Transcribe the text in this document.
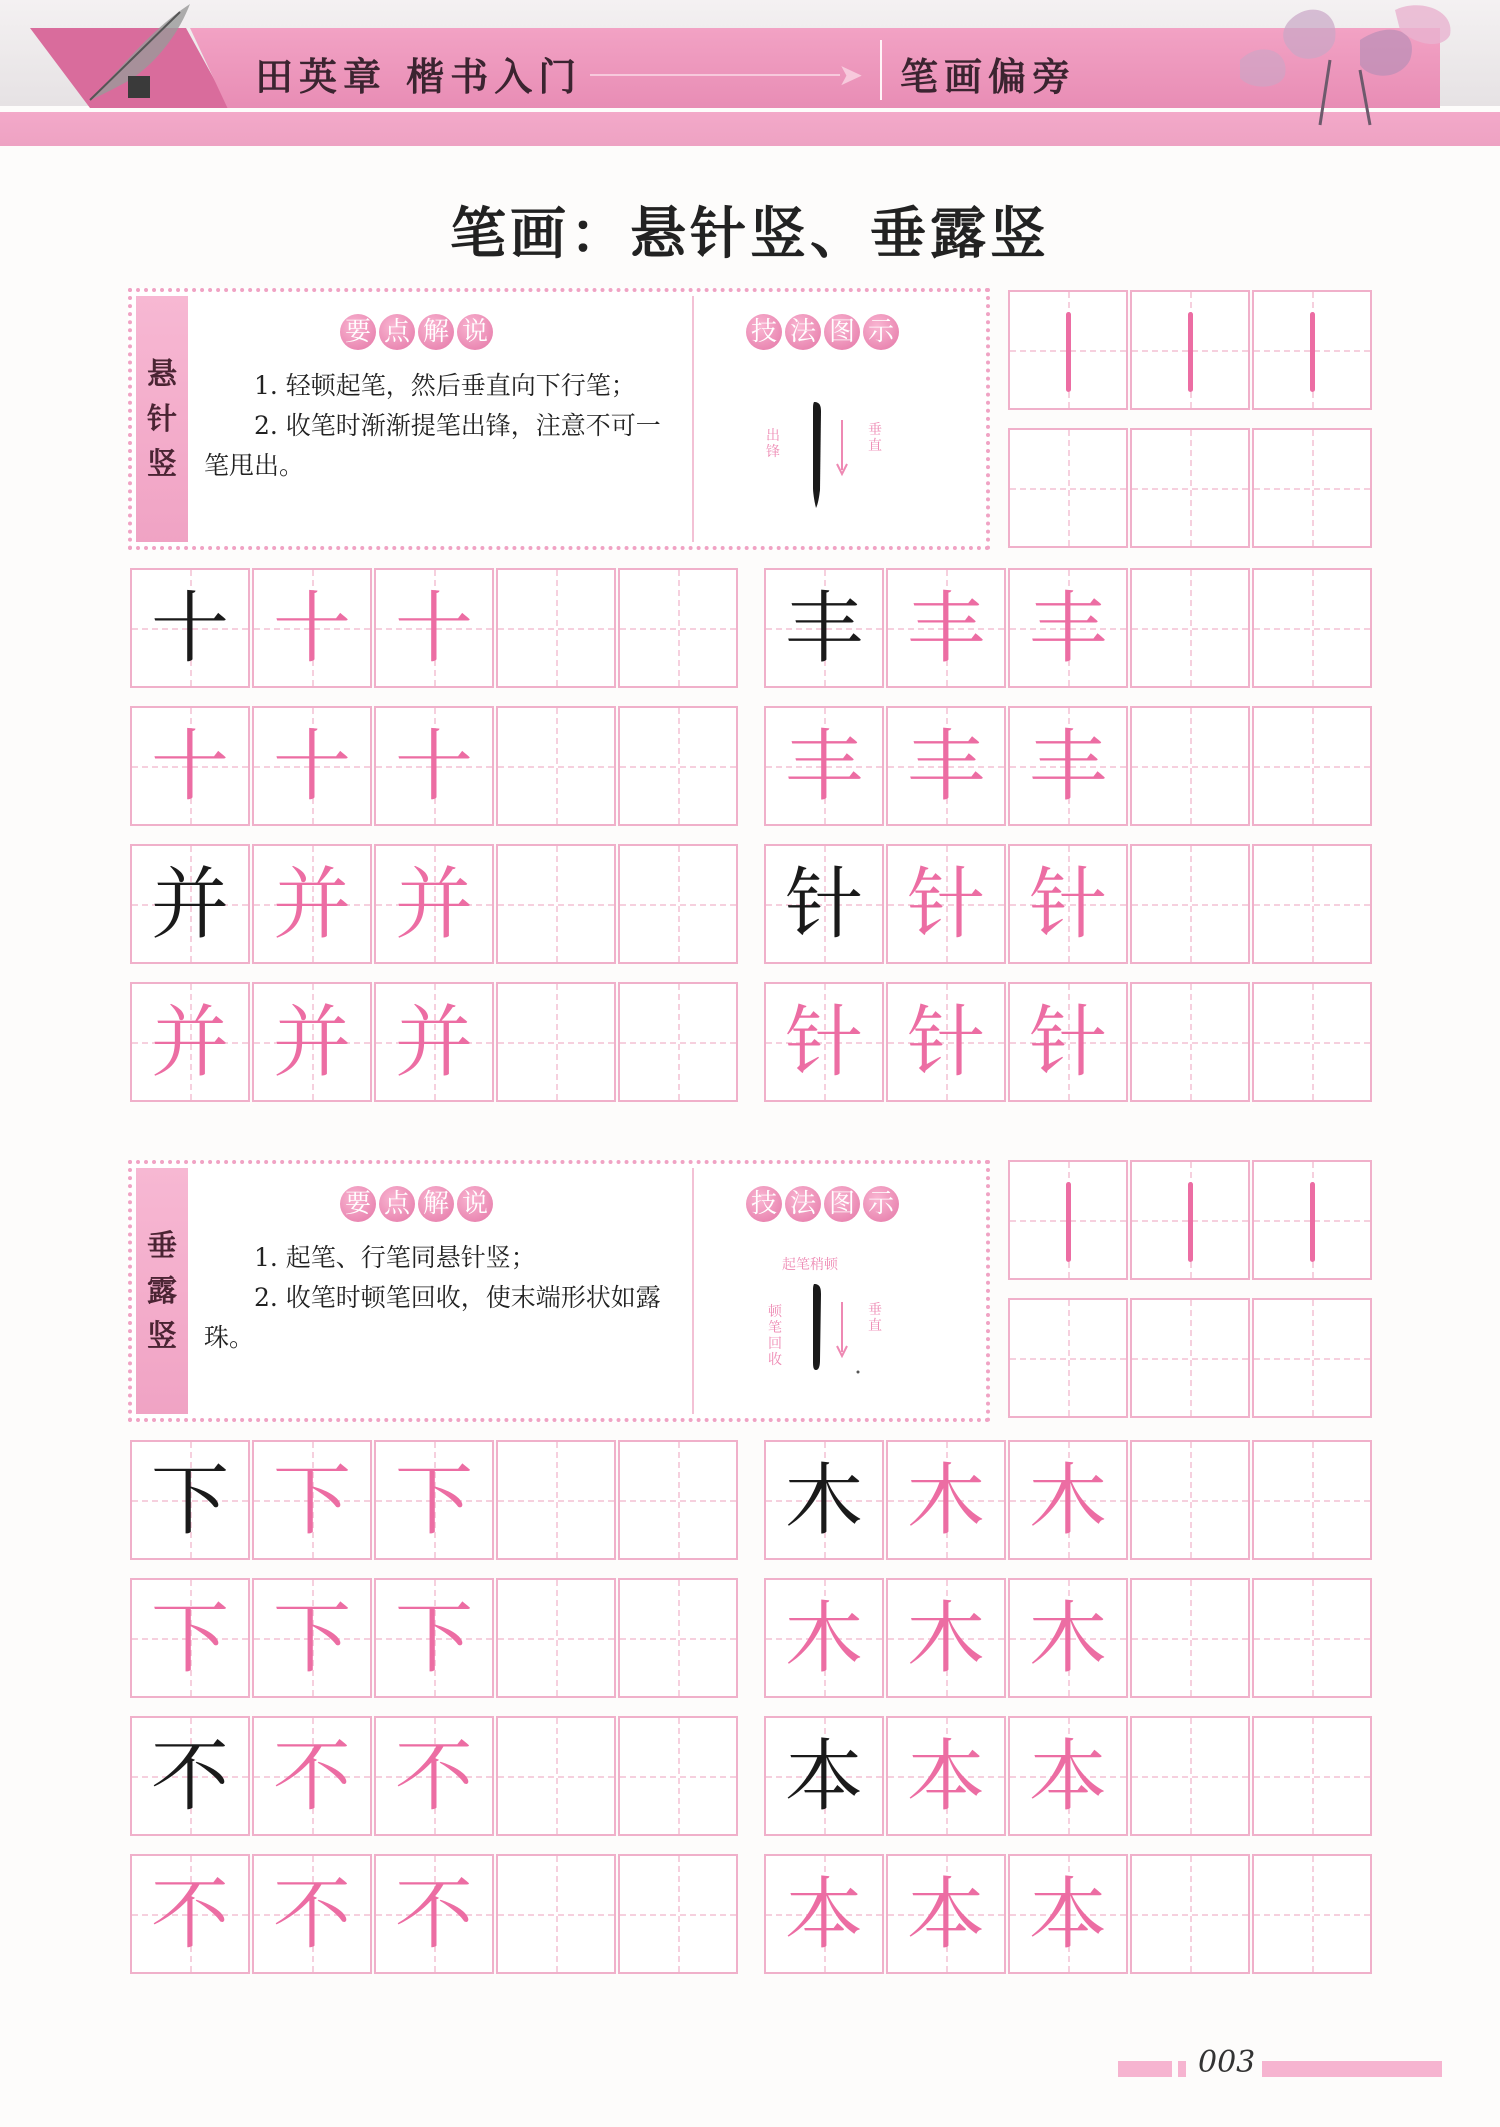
田英章 楷书入门	➤ 笔画偏旁
笔画：悬针竖、垂露竖
悬针竖
要 点 解 说
1. 轻顿起笔，然后垂直向下行笔；
2. 收笔时渐渐提笔出锋，注意不可一笔甩出。
技 法 图 示
出锋
垂直
垂露竖
要 点 解 说
1. 起笔、行笔同悬针竖；
2. 收笔时顿笔回收，使末端形状如露珠。
技 法 图 示
起笔稍顿
顿笔回收
垂直
十 十 十
十 十 十
丰 丰 丰
丰 丰 丰
并 并 并
并 并 并
针 针 针
针 针 针
下 下 下
下 下 下
木 木 木
木 木 木
不 不 不
不 不 不
本 本 本
本 本 本
003
